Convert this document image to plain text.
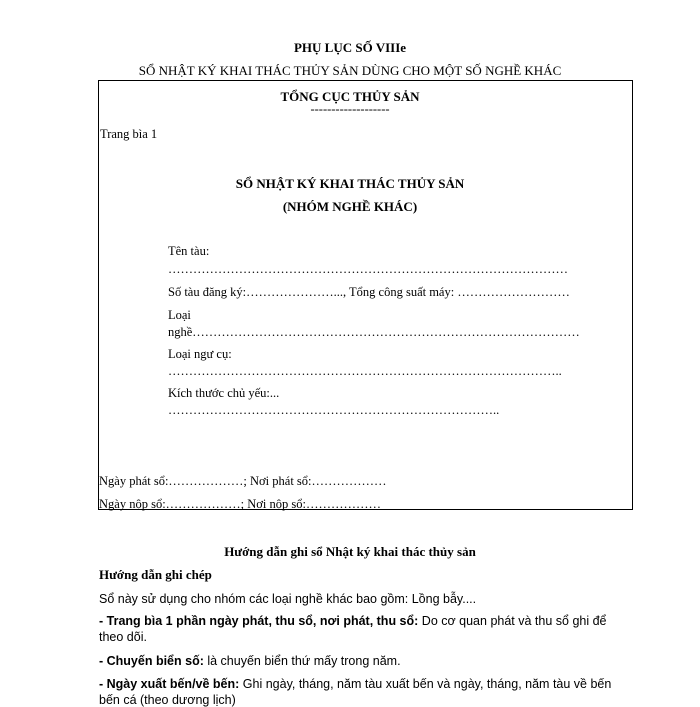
PHỤ LỤC SỐ VIIIe
SỔ NHẬT KÝ KHAI THÁC THỦY SẢN DÙNG CHO MỘT SỐ NGHỀ KHÁC
TỔNG CỤC THỦY SẢN
-------------------
Trang bìa 1
SỔ NHẬT KÝ KHAI THÁC THỦY SẢN
(NHÓM NGHỀ KHÁC)
Tên tàu:
……………………………………………………………………………………
Số tàu đăng ký:…………………..., Tổng công suất máy: ………………………
Loại
nghề…………………………………………………………………………………
Loại ngư cụ:
…………………………………………………………………………………..
Kích thước chủ yếu:...
……………………………………………………………………..
Ngày phát sổ:………………; Nơi phát sổ:………………
Ngày nộp sổ:………………; Nơi nộp sổ:………………
Hướng dẫn ghi sổ Nhật ký khai thác thủy sản
Hướng dẫn ghi chép
Sổ này sử dụng cho nhóm các loại nghề khác bao gồm: Lồng bẫy....
- Trang bìa 1 phần ngày phát, thu sổ, nơi phát, thu sổ: Do cơ quan phát và thu sổ ghi để
theo dõi.
- Chuyến biển số: là chuyến biển thứ mấy trong năm.
- Ngày xuất bến/về bến: Ghi ngày, tháng, năm tàu xuất bến và ngày, tháng, năm tàu về bến
bến cá (theo dương lịch)
